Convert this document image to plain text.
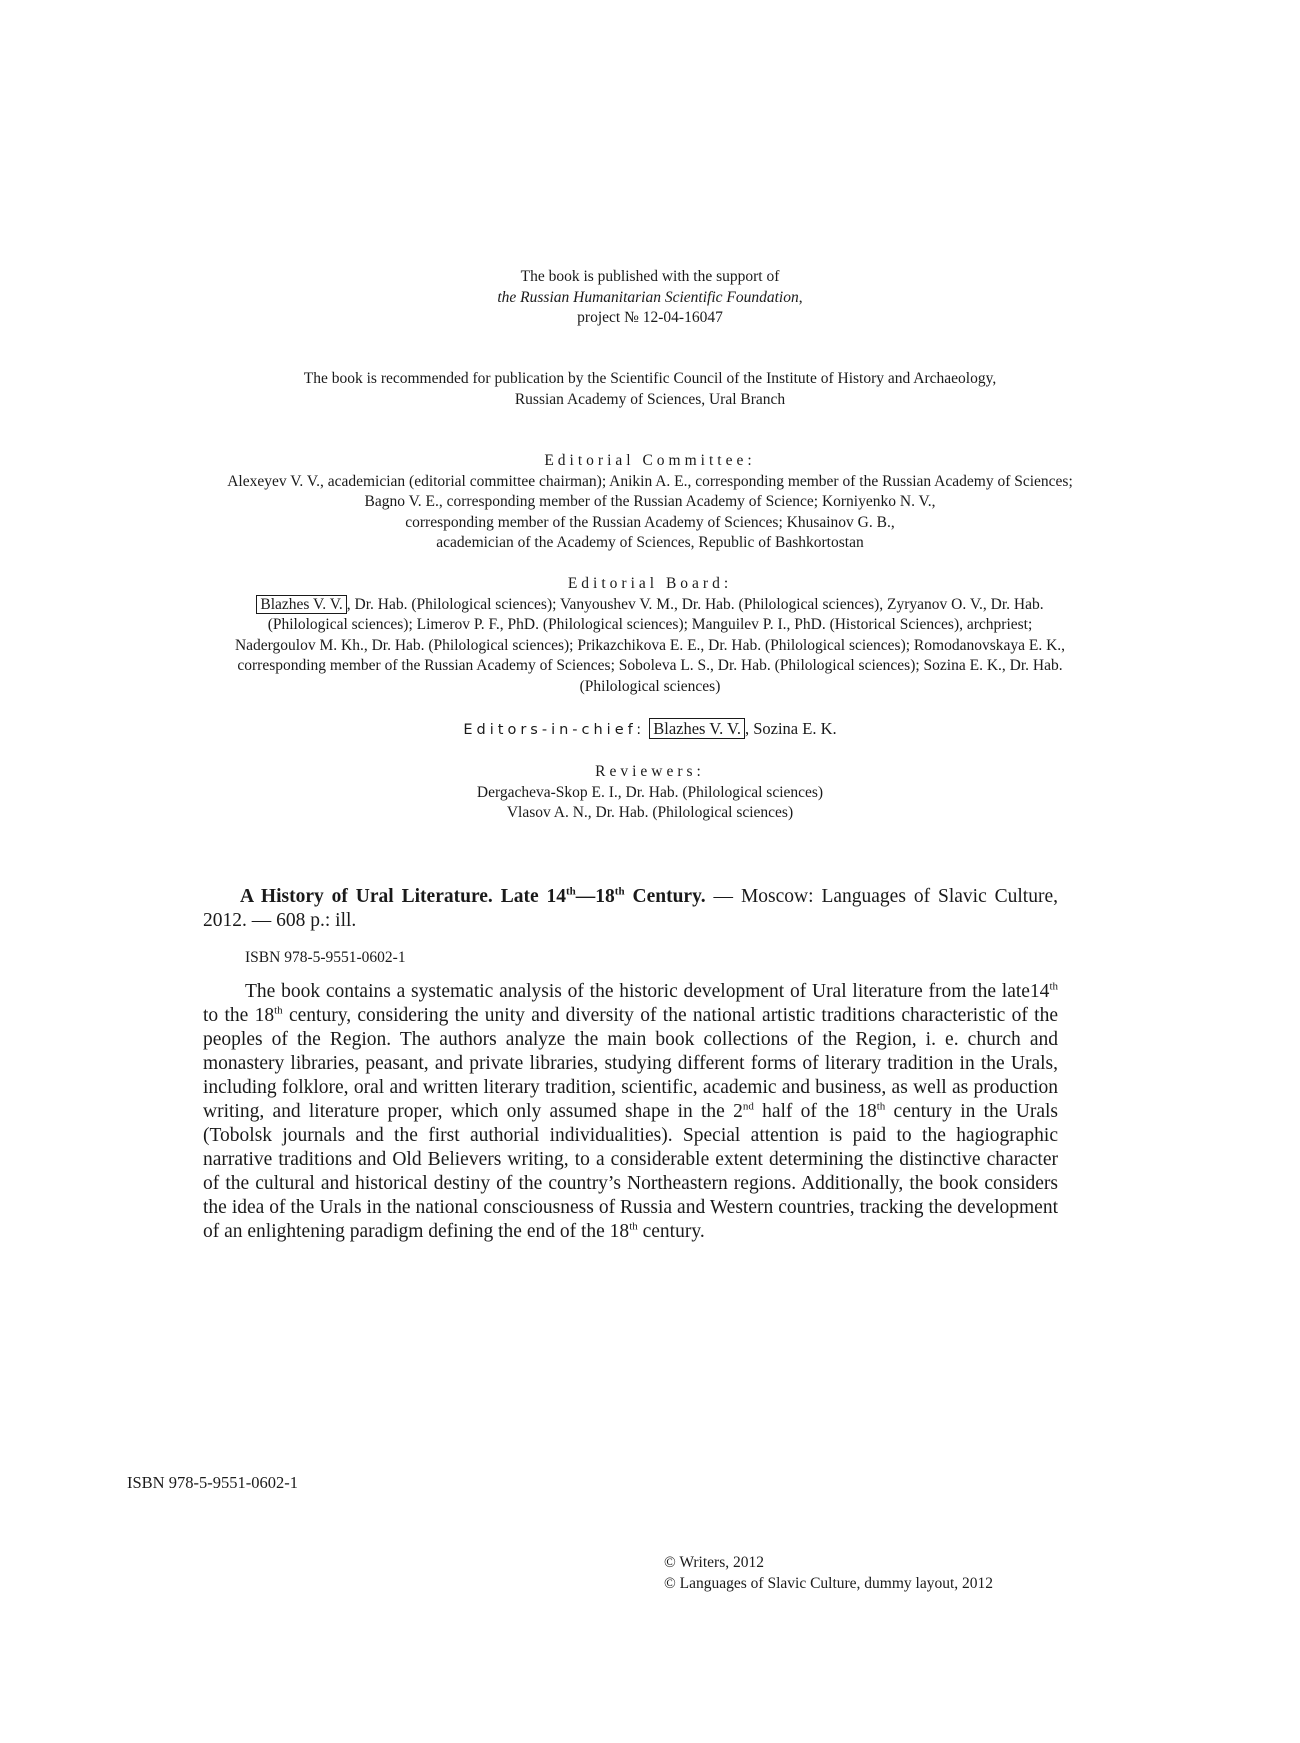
The book is published with the support of
the Russian Humanitarian Scientific Foundation,
project № 12-04-16047
The book is recommended for publication by the Scientific Council of the Institute of History and Archaeology,
Russian Academy of Sciences, Ural Branch
Editorial Committee:
Alexeyev V. V., academician (editorial committee chairman); Anikin A. E., corresponding member of the Russian Academy of Sciences;
Bagno V. E., corresponding member of the Russian Academy of Science; Korniyenko N. V.,
corresponding member of the Russian Academy of Sciences; Khusainov G. B.,
academician of the Academy of Sciences, Republic of Bashkortostan
Editorial Board:
Blazhes V. V. , Dr. Hab. (Philological sciences); Vanyoushev V. M., Dr. Hab. (Philological sciences), Zyryanov O. V., Dr. Hab.
(Philological sciences); Limerov P. F., PhD. (Philological sciences); Manguilev P. I., PhD. (Historical Sciences), archpriest;
Nadergoulov M. Kh., Dr. Hab. (Philological sciences); Prikazchikova E. E., Dr. Hab. (Philological sciences); Romodanovskaya E. K.,
corresponding member of the Russian Academy of Sciences; Soboleva L. S., Dr. Hab. (Philological sciences); Sozina E. K., Dr. Hab.
(Philological sciences)
Editors-in-chief: Blazhes V. V. , Sozina E. K.
Reviewers:
Dergacheva-Skop E. I., Dr. Hab. (Philological sciences)
Vlasov A. N., Dr. Hab. (Philological sciences)
A History of Ural Literature. Late 14th—18th Century. — Moscow: Languages of Slavic Culture, 2012. — 608 p.: ill.
ISBN 978-5-9551-0602-1
The book contains a systematic analysis of the historic development of Ural literature from the late14th to the 18th century, considering the unity and diversity of the national artistic traditions characteristic of the peoples of the Region. The authors analyze the main book collections of the Region, i. e. church and monastery libraries, peasant, and private libraries, studying different forms of literary tradition in the Urals, including folklore, oral and written literary tradition, scientific, academic and business, as well as production writing, and literature proper, which only assumed shape in the 2nd half of the 18th century in the Urals (Tobolsk journals and the first authorial individualities). Special attention is paid to the hagiographic narrative traditions and Old Believers writing, to a considerable extent determining the distinctive character of the cultural and historical destiny of the country’s Northeastern regions. Additionally, the book considers the idea of the Urals in the national consciousness of Russia and Western countries, tracking the development of an enlightening paradigm defining the end of the 18th century.
ISBN 978-5-9551-0602-1
© Writers, 2012
© Languages of Slavic Culture, dummy layout, 2012
